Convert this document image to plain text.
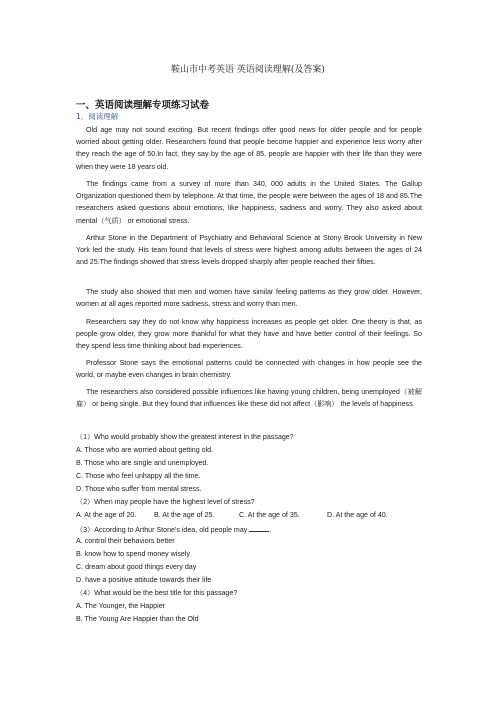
鞍山市中考英语 英语阅读理解(及答案)
一、英语阅读理解专项练习试卷
1．阅读理解
Old age may not sound exciting. But recent findings offer good news for older people and for people worried about getting older. Researchers found that people become happier and experience less worry after they reach the age of 50.In fact, they say by the age of 85, people are happier with their life than they were when they were 18 years old.
The findings came from a survey of more than 340, 000 adults in the United States. The Gallup Organization questioned them by telephone. At that time, the people were between the ages of 18 and 85.The researchers asked questions about emotions, like happiness, sadness and worry. They also asked about mental（气质） or emotional stress.
Arthur Stone in the Department of Psychiatry and Behavioral Science at Stony Brook University in New York led the study. His team found that levels of stress were highest among adults between the ages of 24 and 25.The findings showed that stress levels dropped sharply after people reached their fifties.
The study also showed that men and women have similar feeling patterns as they grow older. However, women at all ages reported more sadness, stress and worry than men.
Researchers say they do not know why happiness increases as people get older. One theory is that, as people grow older, they grow more thankful for what they have and have better control of their feelings. So they spend less time thinking about bad experiences.
Professor Stone says the emotional patterns could be connected with changes in how people see the world, or maybe even changes in brain chemistry.
The researchers also considered possible influences like having young children, being unemployed（被解雇） or being single. But they found that influences like these did not affect（影响） the levels of happiness.
（1）Who would probably show the greatest interest in the passage?
A. Those who are worried about getting old.
B. Those who are single and unemployed.
C. Those who feel unhappy all the time.
D. Those who suffer from mental stress.
（2）When may people have the highest level of stress?
A. At the age of 20. B. At the age of 25.	C. At the age of 35.	D. At the age of 40.
（3）According to Arthur Stone's idea, old people may	.
A. control their behaviors better
B. know how to spend money wisely
C. dream about good things every day
D. have a positive attitude towards their life
（4）What would be the best title for this passage?
A. The Younger, the Happier
B. The Young Are Happier than the Old
